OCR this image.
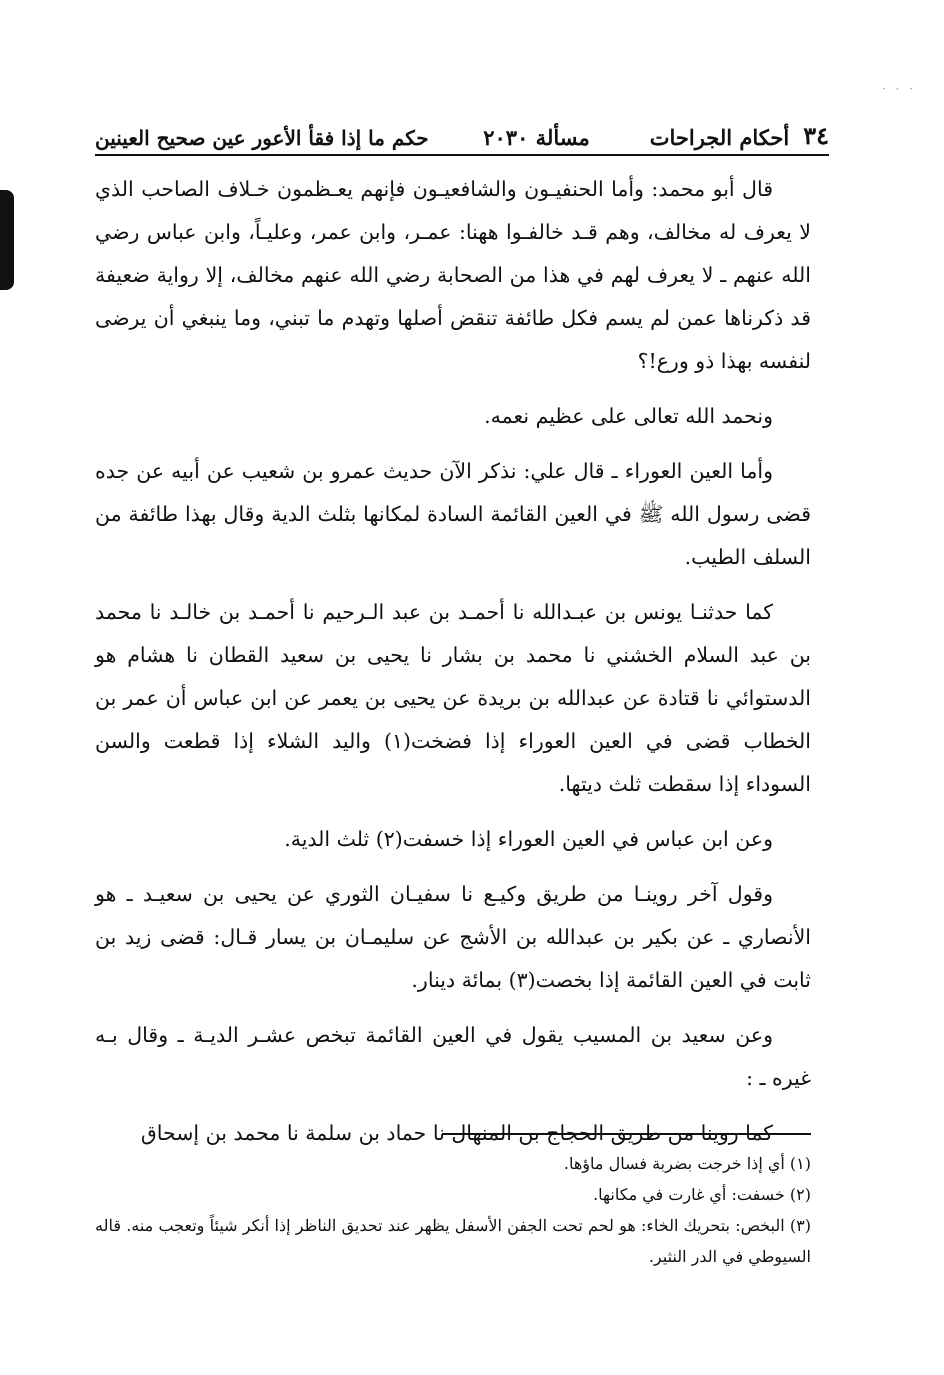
· · ·
٣٤
أحكام الجراحات
مسألة ٢٠٣٠
حكم ما إذا فقأ الأعور عين صحيح العينين

قال أبو محمد: وأما الحنفيـون والشافعيـون فإنهم يعـظمون خـلاف الصاحب الذي لا يعرف له مخالف، وهم قـد خالفـوا ههنا: عمـر، وابن عمر، وعليـاً، وابن عباس رضي الله عنهم ـ لا يعرف لهم في هذا من الصحابة رضي الله عنهم مخالف، إلا رواية ضعيفة قد ذكرناها عمن لم يسم فكل طائفة تنقض أصلها وتهدم ما تبني، وما ينبغي أن يرضى لنفسه بهذا ذو ورع!؟

ونحمد الله تعالى على عظيم نعمه.

وأما العين العوراء ـ قال علي: نذكر الآن حديث عمرو بن شعيب عن أبيه عن جده قضى رسول الله ﷺ في العين القائمة السادة لمكانها بثلث الدية وقال بهذا طائفة من السلف الطيب.

كما حدثنـا يونس بن عبـدالله نا أحمـد بن عبد الـرحيم نا أحمـد بن خالـد نا محمد بن عبد السلام الخشني نا محمد بن بشار نا يحيى بن سعيد القطان نا هشام هو الدستوائي نا قتادة عن عبدالله بن بريدة عن يحيى بن يعمر عن ابن عباس أن عمر بن الخطاب قضى في العين العوراء إذا فضخت(١) واليد الشلاء إذا قطعت والسن السوداء إذا سقطت ثلث ديتها.

وعن ابن عباس في العين العوراء إذا خسفت(٢) ثلث الدية.

وقول آخر روينـا من طريق وكيـع نا سفيـان الثوري عن يحيى بن سعيـد ـ هو الأنصاري ـ عن بكير بن عبدالله بن الأشج عن سليمـان بن يسار قـال: قضى زيد بن ثابت في العين القائمة إذا بخصت(٣) بمائة دينار.

وعن سعيد بن المسيب يقول في العين القائمة تبخص عشـر الديـة ـ وقال بـه غيره ـ :

كما روينا من طريق الحجاج بن المنهال نا حماد بن سلمة نا محمد بن إسحاق

(١) أي إذا خرجت بضربة فسال ماؤها.

(٢) خسفت: أي غارت في مكانها.

(٣) البخص: بتحريك الخاء: هو لحم تحت الجفن الأسفل يظهر عند تحديق الناظر إذا أنكر شيئاً وتعجب منه. قاله السيوطي في الدر النثير.
